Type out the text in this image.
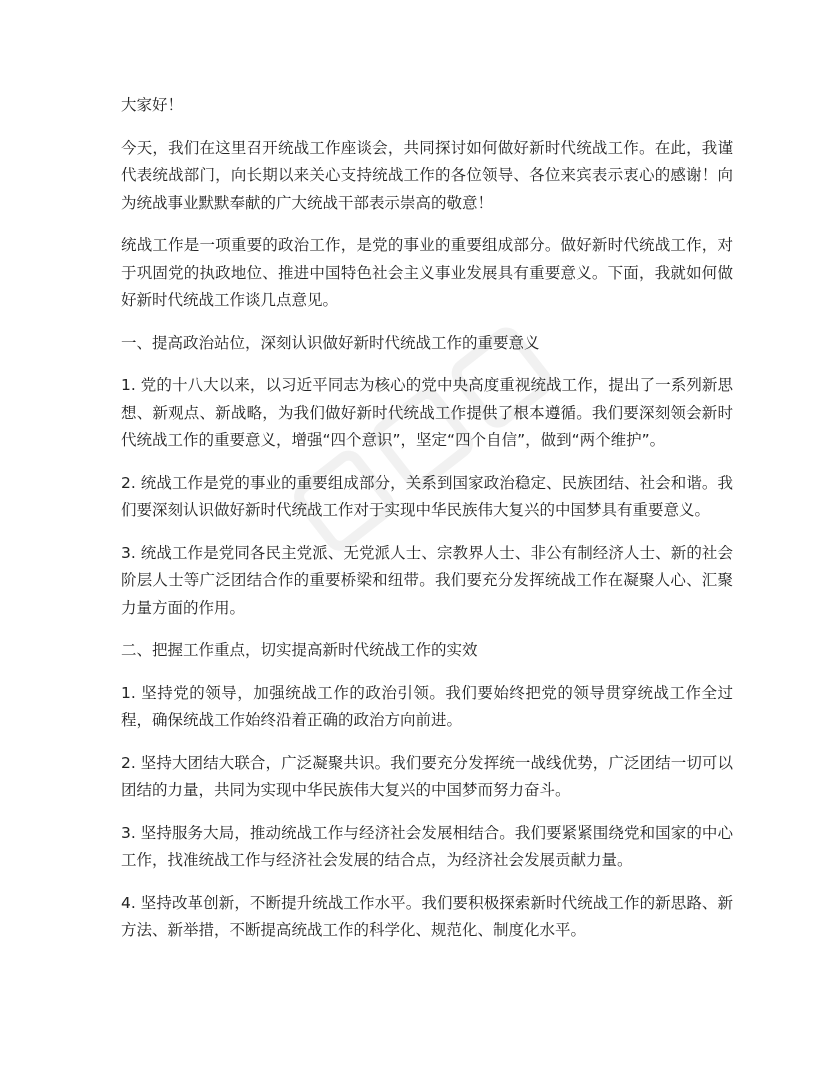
大家好！

今天，我们在这里召开统战工作座谈会，共同探讨如何做好新时代统战工作。在此，我谨代表统战部门，向长期以来关心支持统战工作的各位领导、各位来宾表示衷心的感谢！向为统战事业默默奉献的广大统战干部表示崇高的敬意！

统战工作是一项重要的政治工作，是党的事业的重要组成部分。做好新时代统战工作，对于巩固党的执政地位、推进中国特色社会主义事业发展具有重要意义。下面，我就如何做好新时代统战工作谈几点意见。

一、提高政治站位，深刻认识做好新时代统战工作的重要意义

1. 党的十八大以来，以习近平同志为核心的党中央高度重视统战工作，提出了一系列新思想、新观点、新战略，为我们做好新时代统战工作提供了根本遵循。我们要深刻领会新时代统战工作的重要意义，增强“四个意识”，坚定“四个自信”，做到“两个维护”。

2. 统战工作是党的事业的重要组成部分，关系到国家政治稳定、民族团结、社会和谐。我们要深刻认识做好新时代统战工作对于实现中华民族伟大复兴的中国梦具有重要意义。

3. 统战工作是党同各民主党派、无党派人士、宗教界人士、非公有制经济人士、新的社会阶层人士等广泛团结合作的重要桥梁和纽带。我们要充分发挥统战工作在凝聚人心、汇聚力量方面的作用。

二、把握工作重点，切实提高新时代统战工作的实效

1. 坚持党的领导，加强统战工作的政治引领。我们要始终把党的领导贯穿统战工作全过程，确保统战工作始终沿着正确的政治方向前进。

2. 坚持大团结大联合，广泛凝聚共识。我们要充分发挥统一战线优势，广泛团结一切可以团结的力量，共同为实现中华民族伟大复兴的中国梦而努力奋斗。

3. 坚持服务大局，推动统战工作与经济社会发展相结合。我们要紧紧围绕党和国家的中心工作，找准统战工作与经济社会发展的结合点，为经济社会发展贡献力量。

4. 坚持改革创新，不断提升统战工作水平。我们要积极探索新时代统战工作的新思路、新方法、新举措，不断提高统战工作的科学化、规范化、制度化水平。
